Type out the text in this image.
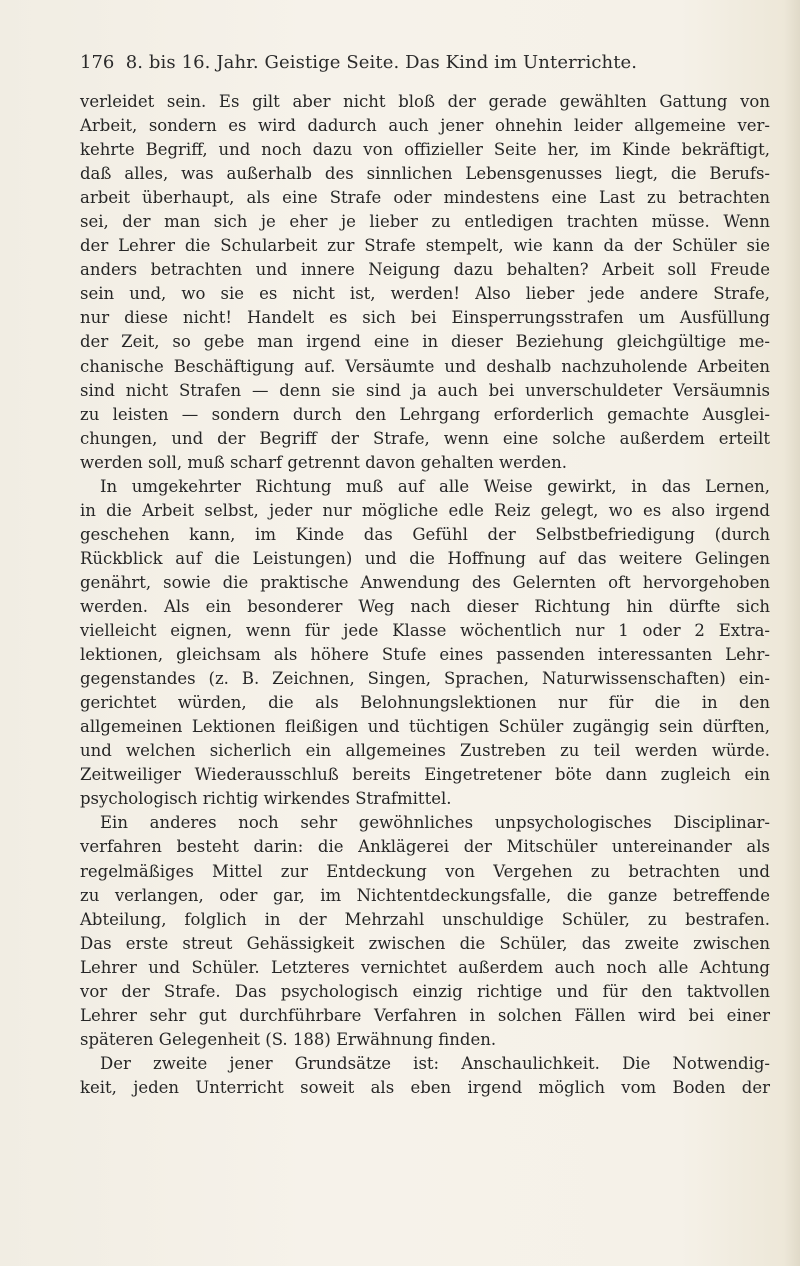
176 8. bis 16. Jahr. Geistige Seite. Das Kind im Unterrichte.
verleidet sein. Es gilt aber nicht bloß der gerade gewählten Gattung von
Arbeit, sondern es wird dadurch auch jener ohnehin leider allgemeine ver-
kehrte Begriff, und noch dazu von offizieller Seite her, im Kinde bekräftigt,
daß alles, was außerhalb des sinnlichen Lebensgenusses liegt, die Berufs-
arbeit überhaupt, als eine Strafe oder mindestens eine Last zu betrachten
sei, der man sich je eher je lieber zu entledigen trachten müsse. Wenn
der Lehrer die Schularbeit zur Strafe stempelt, wie kann da der Schüler sie
anders betrachten und innere Neigung dazu behalten? Arbeit soll Freude
sein und, wo sie es nicht ist, werden! Also lieber jede andere Strafe,
nur diese nicht! Handelt es sich bei Einsperrungsstrafen um Ausfüllung
der Zeit, so gebe man irgend eine in dieser Beziehung gleichgültige me-
chanische Beschäftigung auf. Versäumte und deshalb nachzuholende Arbeiten
sind nicht Strafen — denn sie sind ja auch bei unverschuldeter Versäumnis
zu leisten — sondern durch den Lehrgang erforderlich gemachte Ausglei-
chungen, und der Begriff der Strafe, wenn eine solche außerdem erteilt
werden soll, muß scharf getrennt davon gehalten werden.
In umgekehrter Richtung muß auf alle Weise gewirkt, in das Lernen,
in die Arbeit selbst, jeder nur mögliche edle Reiz gelegt, wo es also irgend
geschehen kann, im Kinde das Gefühl der Selbstbefriedigung (durch
Rückblick auf die Leistungen) und die Hoffnung auf das weitere Gelingen
genährt, sowie die praktische Anwendung des Gelernten oft hervorgehoben
werden. Als ein besonderer Weg nach dieser Richtung hin dürfte sich
vielleicht eignen, wenn für jede Klasse wöchentlich nur 1 oder 2 Extra-
lektionen, gleichsam als höhere Stufe eines passenden interessanten Lehr-
gegenstandes (z. B. Zeichnen, Singen, Sprachen, Naturwissenschaften) ein-
gerichtet würden, die als Belohnungslektionen nur für die in den
allgemeinen Lektionen fleißigen und tüchtigen Schüler zugängig sein dürften,
und welchen sicherlich ein allgemeines Zustreben zu teil werden würde.
Zeitweiliger Wiederausschluß bereits Eingetretener böte dann zugleich ein
psychologisch richtig wirkendes Strafmittel.
Ein anderes noch sehr gewöhnliches unpsychologisches Disciplinar-
verfahren besteht darin: die Anklägerei der Mitschüler untereinander als
regelmäßiges Mittel zur Entdeckung von Vergehen zu betrachten und
zu verlangen, oder gar, im Nichtentdeckungsfalle, die ganze betreffende
Abteilung, folglich in der Mehrzahl unschuldige Schüler, zu bestrafen.
Das erste streut Gehässigkeit zwischen die Schüler, das zweite zwischen
Lehrer und Schüler. Letzteres vernichtet außerdem auch noch alle Achtung
vor der Strafe. Das psychologisch einzig richtige und für den taktvollen
Lehrer sehr gut durchführbare Verfahren in solchen Fällen wird bei einer
späteren Gelegenheit (S. 188) Erwähnung finden.
Der zweite jener Grundsätze ist: Anschaulichkeit. Die Notwendig-
keit, jeden Unterricht soweit als eben irgend möglich vom Boden der
